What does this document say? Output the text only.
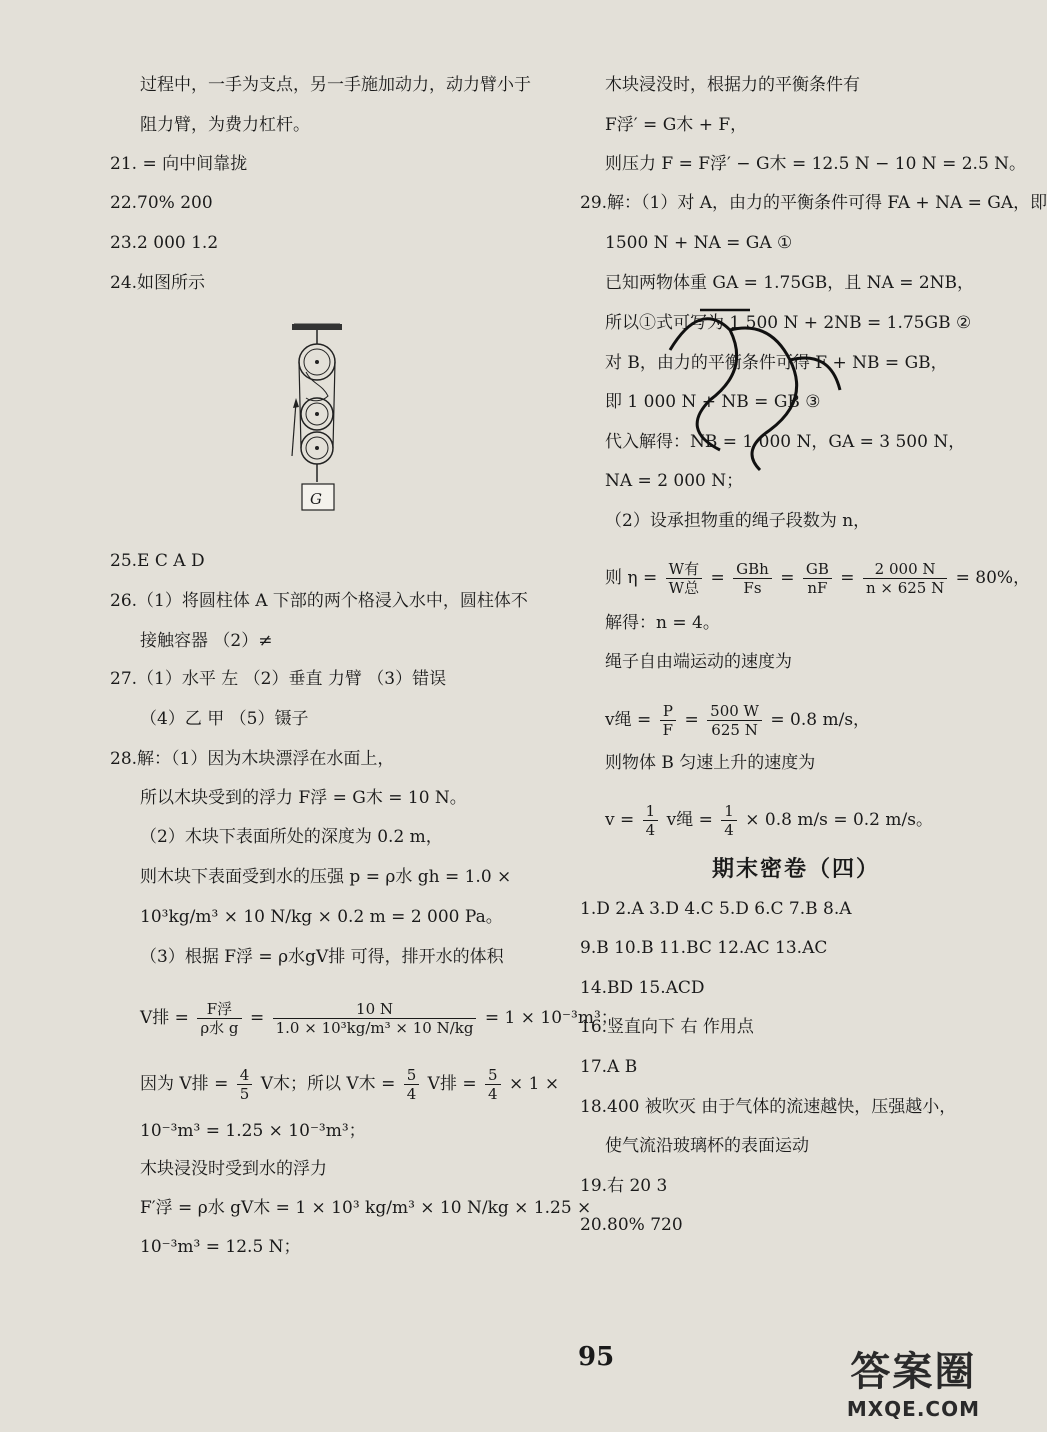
过程中，一手为支点，另一手施加动力，动力臂小于
阻力臂，为费力杠杆。
21. = 向中间靠拢
22.70% 200
23.2 000 1.2
24.如图所示
G
25.E C A D
26.（1）将圆柱体 A 下部的两个格浸入水中，圆柱体不
接触容器 （2）≠
27.（1）水平 左 （2）垂直 力臂 （3）错误
（4）乙 甲 （5）镊子
28.解：（1）因为木块漂浮在水面上，
所以木块受到的浮力 F浮 = G木 = 10 N。
（2）木块下表面所处的深度为 0.2 m，
则木块下表面受到水的压强 p = ρ水 gh = 1.0 ×
10³kg/m³ × 10 N/kg × 0.2 m = 2 000 Pa。
（3）根据 F浮 = ρ水gV排 可得，排开水的体积
V排 = $\frac{\text{F浮}}{\text{ρ水 g}} = \frac{10 N}{\text{1.0 × 10³kg/m³ × 10 N/kg}} = 1 \times 10^{-3}m^3$；
因为 V排 = $\frac{4}{5}$ V木；所以 V木 = $\frac{5}{4}$ V排 = $\frac{5}{4} \times 1$ ×
10⁻³m³ = 1.25 × 10⁻³m³；
木块浸没时受到水的浮力
F′浮 = ρ水 gV木 = 1 × 10³ kg/m³ × 10 N/kg × 1.25 ×
10⁻³m³ = 12.5 N；
木块浸没时，根据力的平衡条件有
F浮′ = G木 + F，
则压力 F = F浮′ − G木 = 12.5 N − 10 N = 2.5 N。
29.解：（1）对 A，由力的平衡条件可得 FA + NA = GA，即
1500 N + NA = GA ①
已知两物体重 GA = 1.75GB，且 NA = 2NB，
所以①式可写为 1 500 N + 2NB = 1.75GB ②
对 B，由力的平衡条件可得 F + NB = GB，
即 1 000 N + NB = GB ③
代入解得：NB = 1 000 N，GA = 3 500 N，
NA = 2 000 N；
（2）设承担物重的绳子段数为 n，
则 $\eta = \frac{\text{W有}}{\text{W总}} = \frac{\text{GBh}}{Fs} = \frac{GB}{nF} = \frac{2 000 N}{n \times 625 N} = 80\%$，
解得：n = 4。
绳子自由端运动的速度为
v绳 = $\frac{P}{F} = \frac{500 W}{625 N} = 0.8$ m/s，
则物体 B 匀速上升的速度为
$v = \frac{1}{4}$ v绳 = $\frac{1}{4} \times 0.8$ m/s = 0.2 m/s。
期末密卷（四）
1.D 2.A 3.D 4.C 5.D 6.C 7.B 8.A
9.B 10.B 11.BC 12.AC 13.AC
14.BD 15.ACD
16.竖直向下 右 作用点
17.A B
18.400 被吹灭 由于气体的流速越快，压强越小，
使气流沿玻璃杯的表面运动
19.右 20 3
20.80% 720
95	答案圈
MXQE.COM
